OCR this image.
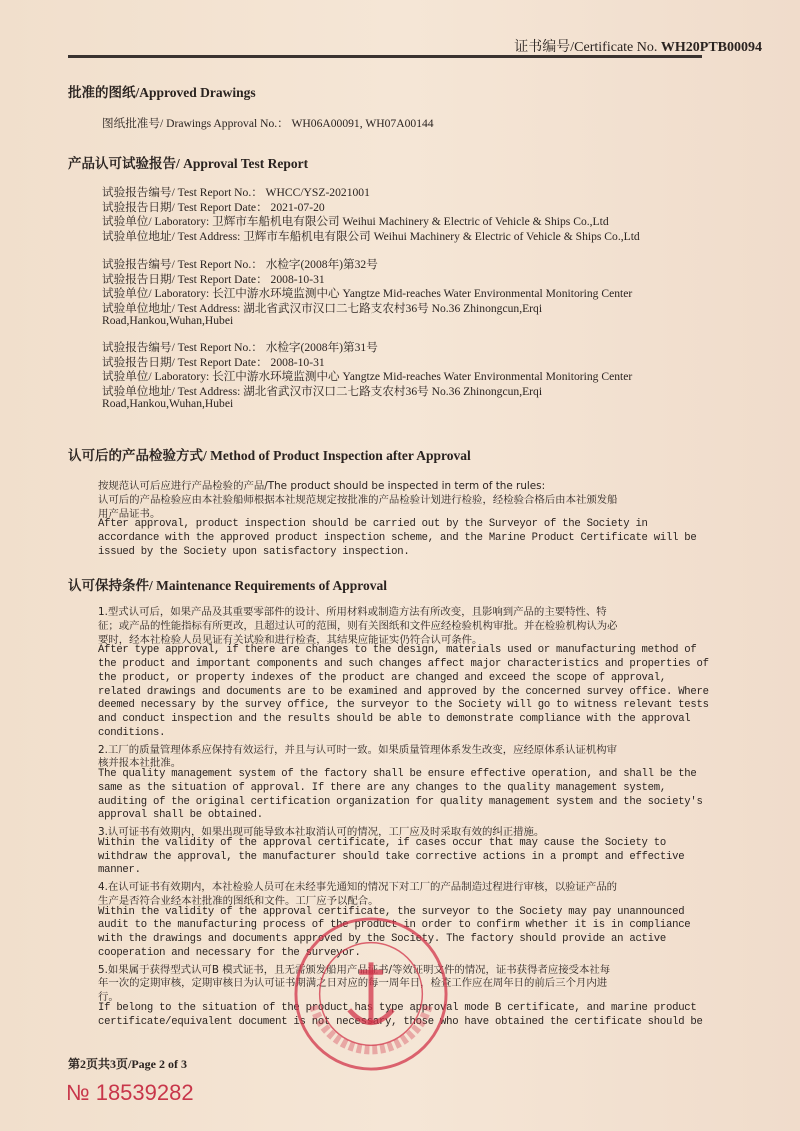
证书编号/Certificate No. WH20PTB00094
批准的图纸/Approved Drawings
图纸批准号/ Drawings Approval No.： WH06A00091, WH07A00144
产品认可试验报告/ Approval Test Report
试验报告编号/ Test Report No.： WHCC/YSZ-2021001
试验报告日期/ Test Report Date： 2021-07-20
试验单位/ Laboratory: 卫辉市车船机电有限公司 Weihui Machinery & Electric of Vehicle & Ships Co.,Ltd
试验单位地址/ Test Address: 卫辉市车船机电有限公司 Weihui Machinery & Electric of Vehicle & Ships Co.,Ltd
试验报告编号/ Test Report No.： 水检字(2008年)第32号
试验报告日期/ Test Report Date： 2008-10-31
试验单位/ Laboratory: 长江中游水环境监测中心 Yangtze Mid-reaches Water Environmental Monitoring Center
试验单位地址/ Test Address: 湖北省武汉市汉口二七路支农村36号 No.36 Zhinongcun,Erqi
Road,Hankou,Wuhan,Hubei
试验报告编号/ Test Report No.： 水检字(2008年)第31号
试验报告日期/ Test Report Date： 2008-10-31
试验单位/ Laboratory: 长江中游水环境监测中心 Yangtze Mid-reaches Water Environmental Monitoring Center
试验单位地址/ Test Address: 湖北省武汉市汉口二七路支农村36号 No.36 Zhinongcun,Erqi
Road,Hankou,Wuhan,Hubei
认可后的产品检验方式/ Method of Product Inspection after Approval
按规范认可后应进行产品检验的产品/The product should be inspected in term of the rules:
认可后的产品检验应由本社验船师根据本社规范规定按批准的产品检验计划进行检验，经检验合格后由本社颁发船
用产品证书。
After approval, product inspection should be carried out by the Surveyor of the Society in
accordance with the approved product inspection scheme, and the Marine Product Certificate will be
issued by the Society upon satisfactory inspection.
认可保持条件/ Maintenance Requirements of Approval
1.型式认可后，如果产品及其重要零部件的设计、所用材料或制造方法有所改变，且影响到产品的主要特性、特
征；或产品的性能指标有所更改，且超过认可的范围，则有关图纸和文件应经检验机构审批。并在检验机构认为必
要时，经本社检验人员见证有关试验和进行检查，其结果应能证实仍符合认可条件。
After type approval, if there are changes to the design, materials used or manufacturing method of
the product and important components and such changes affect major characteristics and properties of
the product, or property indexes of the product are changed and exceed the scope of approval,
related drawings and documents are to be examined and approved by the concerned survey office. Where
deemed necessary by the survey office, the surveyor to the Society will go to witness relevant tests
and conduct inspection and the results should be able to demonstrate compliance with the approval
conditions.
2.工厂的质量管理体系应保持有效运行，并且与认可时一致。如果质量管理体系发生改变，应经原体系认证机构审
核并报本社批准。
The quality management system of the factory shall be ensure effective operation, and shall be the
same as the situation of approval. If there are any changes to the quality management system,
auditing of the original certification organization for quality management system and the society's
approval shall be obtained.
3.认可证书有效期内，如果出现可能导致本社取消认可的情况，工厂应及时采取有效的纠正措施。
Within the validity of the approval certificate, if cases occur that may cause the Society to
withdraw the approval, the manufacturer should take corrective actions in a prompt and effective
manner.
4.在认可证书有效期内，本社检验人员可在未经事先通知的情况下对工厂的产品制造过程进行审核，以验证产品的
生产是否符合业经本社批准的图纸和文件。工厂应予以配合。
Within the validity of the approval certificate, the surveyor to the Society may pay unannounced
audit to the manufacturing process of the product in order to confirm whether it is in compliance
with the drawings and documents approved by the Society. The factory should provide an active
cooperation and necessary for the surveyor.
5.如果属于获得型式认可B 模式证书，且无需颁发船用产品证书/等效证明文件的情况，证书获得者应接受本社每
年一次的定期审核，定期审核日为认可证书期满之日对应的每一周年日，检查工作应在周年日的前后三个月内进
行。
If belong to the situation of the product has type approval mode B certificate, and marine product
certificate/equivalent document is not necessary, those who have obtained the certificate should be
第2页共3页/Page 2 of 3
№ 18539282
